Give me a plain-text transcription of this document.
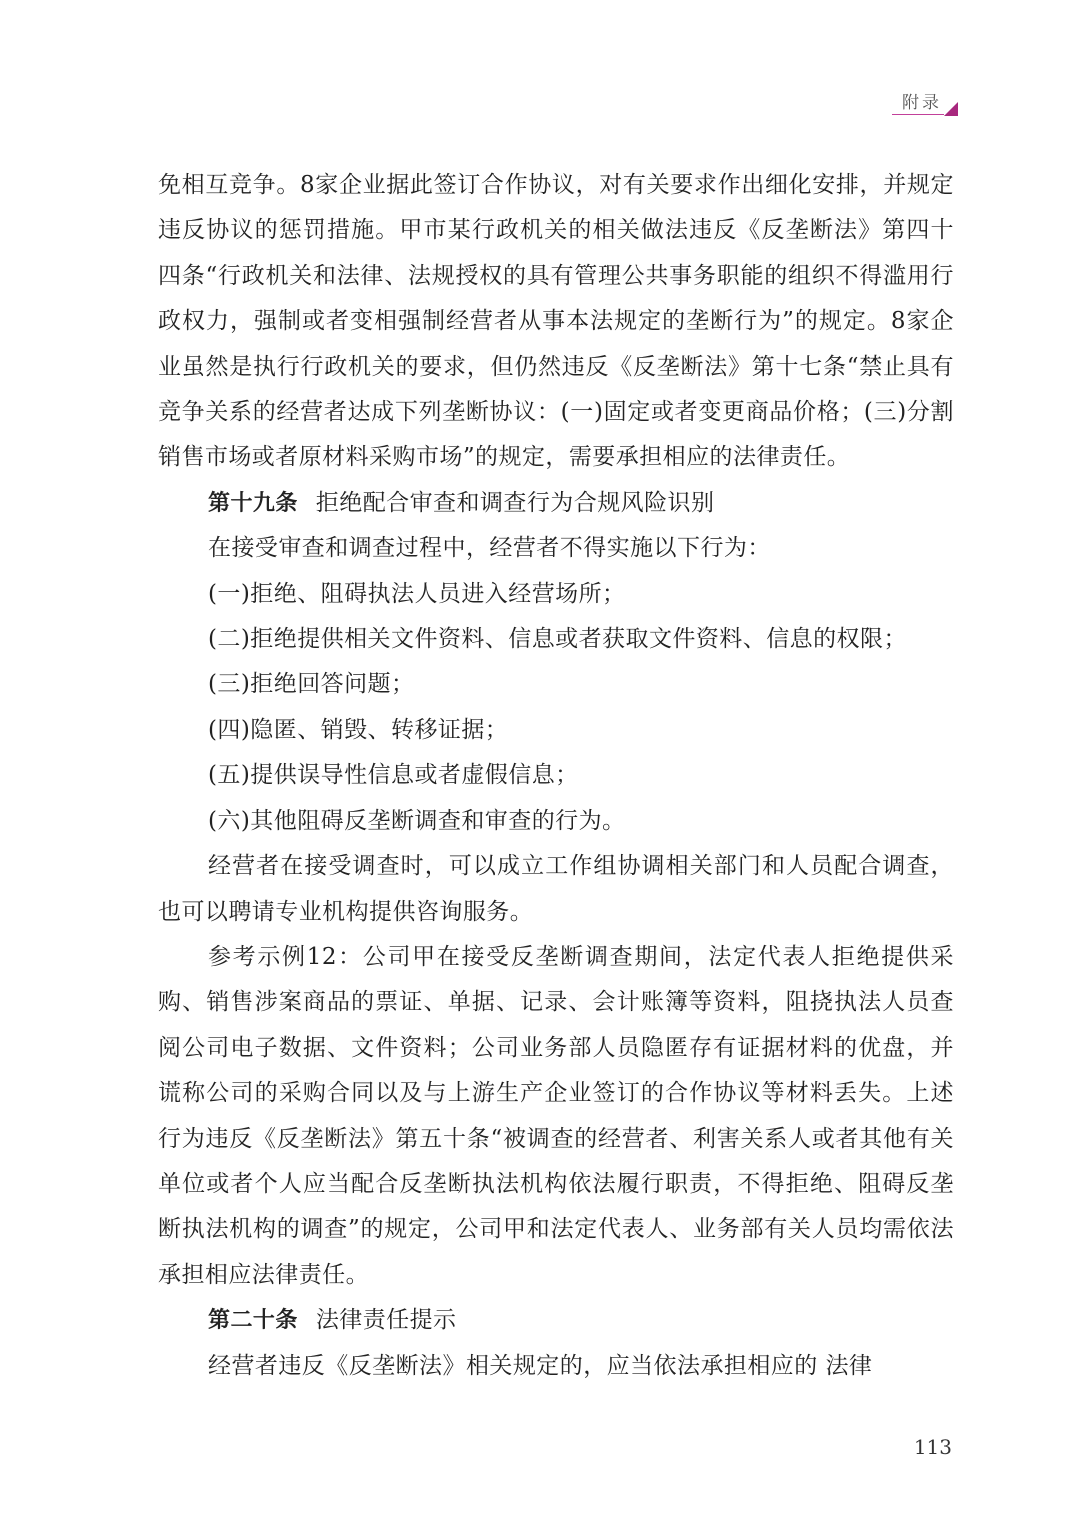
附录

免相互竞争。8家企业据此签订合作协议，对有关要求作出细化安排，并规定违反协议的惩罚措施。甲市某行政机关的相关做法违反《反垄断法》第四十四条“行政机关和法律、法规授权的具有管理公共事务职能的组织不得滥用行政权力，强制或者变相强制经营者从事本法规定的垄断行为”的规定。8家企业虽然是执行行政机关的要求，但仍然违反《反垄断法》第十七条“禁止具有竞争关系的经营者达成下列垄断协议：(一)固定或者变更商品价格；(三)分割销售市场或者原材料采购市场”的规定，需要承担相应的法律责任。

第十九条 拒绝配合审查和调查行为合规风险识别

在接受审查和调查过程中，经营者不得实施以下行为：

(一)拒绝、阻碍执法人员进入经营场所；

(二)拒绝提供相关文件资料、信息或者获取文件资料、信息的权限；

(三)拒绝回答问题；

(四)隐匿、销毁、转移证据；

(五)提供误导性信息或者虚假信息；

(六)其他阻碍反垄断调查和审查的行为。

经营者在接受调查时，可以成立工作组协调相关部门和人员配合调查，也可以聘请专业机构提供咨询服务。

参考示例12：公司甲在接受反垄断调查期间，法定代表人拒绝提供采购、销售涉案商品的票证、单据、记录、会计账簿等资料，阻挠执法人员查阅公司电子数据、文件资料；公司业务部人员隐匿存有证据材料的优盘，并谎称公司的采购合同以及与上游生产企业签订的合作协议等材料丢失。上述行为违反《反垄断法》第五十条“被调查的经营者、利害关系人或者其他有关单位或者个人应当配合反垄断执法机构依法履行职责，不得拒绝、阻碍反垄断执法机构的调查”的规定，公司甲和法定代表人、业务部有关人员均需依法承担相应法律责任。

第二十条 法律责任提示

经营者违反《反垄断法》相关规定的，应当依法承担相应的 法律

113
